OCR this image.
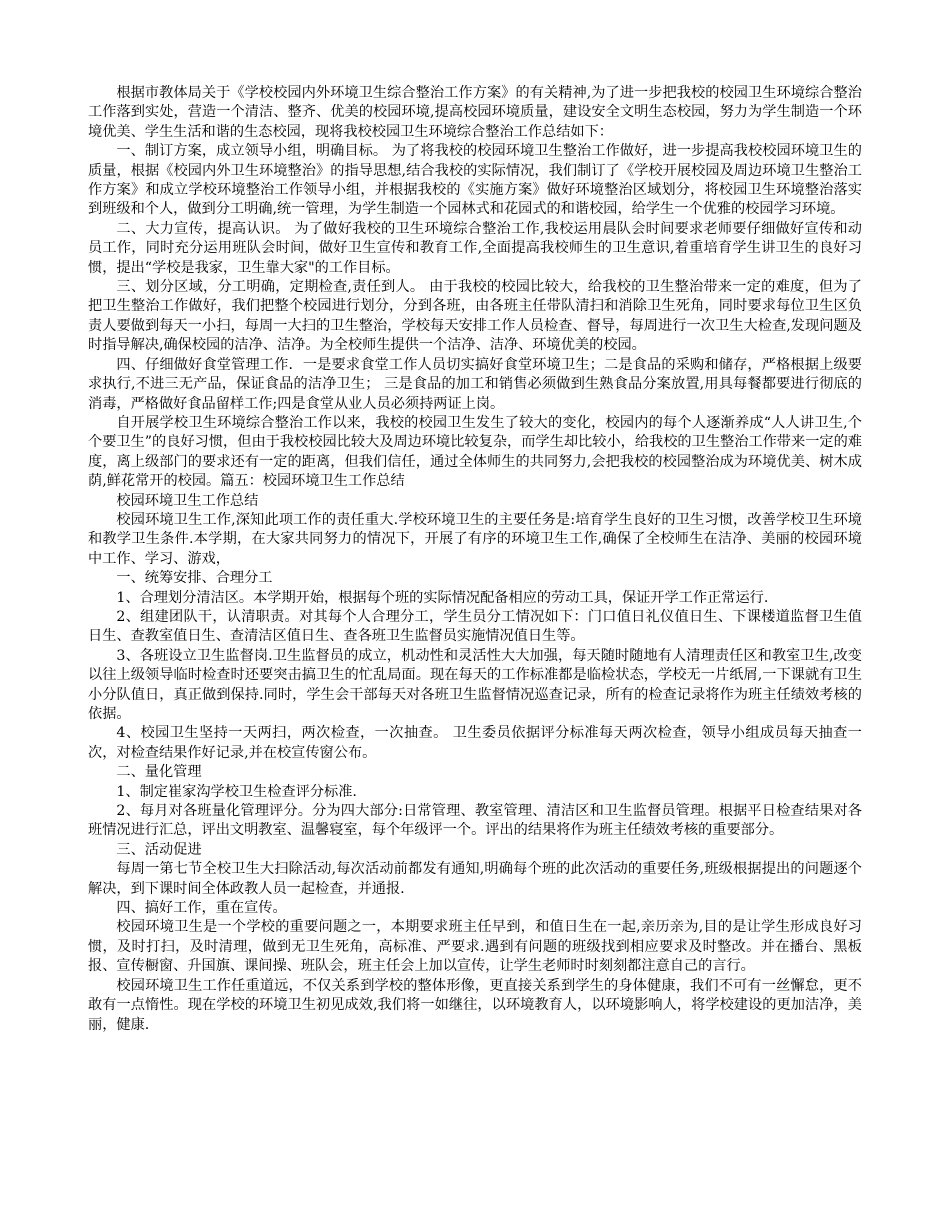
根据市教体局关于《学校校园内外环境卫生综合整治工作方案》的有关精神,为了进一步把我校的校园卫生环境综合整治工作落到实处，营造一个清洁、整齐、优美的校园环境,提高校园环境质量，建设安全文明生态校园，努力为学生制造一个环境优美、学生生活和谐的生态校园，现将我校校园卫生环境综合整治工作总结如下：

一、制订方案，成立领导小组，明确目标。 为了将我校的校园环境卫生整治工作做好，进一步提高我校校园环境卫生的质量，根据《校园内外卫生环境整治》的指导思想,结合我校的实际情况，我们制订了《学校开展校园及周边环境卫生整治工作方案》和成立学校环境整治工作领导小组，并根据我校的《实施方案》做好环境整治区域划分，将校园卫生环境整治落实到班级和个人，做到分工明确,统一管理，为学生制造一个园林式和花园式的和谐校园，给学生一个优雅的校园学习环境。

二、大力宣传，提高认识。 为了做好我校的卫生环境综合整治工作,我校运用晨队会时间要求老师要仔细做好宣传和动员工作，同时充分运用班队会时间，做好卫生宣传和教育工作,全面提高我校师生的卫生意识,着重培育学生讲卫生的良好习惯，提出“学校是我家，卫生靠大家"的工作目标。

三、划分区域，分工明确，定期检查,责任到人。 由于我校的校园比较大，给我校的卫生整治带来一定的难度，但为了把卫生整治工作做好，我们把整个校园进行划分，分到各班，由各班主任带队清扫和消除卫生死角，同时要求每位卫生区负责人要做到每天一小扫，每周一大扫的卫生整治，学校每天安排工作人员检查、督导，每周进行一次卫生大检查,发现问题及时指导解决,确保校园的洁净、洁净。为全校师生提供一个洁净、洁净、环境优美的校园。

四、仔细做好食堂管理工作．一是要求食堂工作人员切实搞好食堂环境卫生；二是食品的采购和储存，严格根据上级要求执行,不进三无产品，保证食品的洁净卫生； 三是食品的加工和销售必须做到生熟食品分案放置,用具每餐都要进行彻底的消毒，严格做好食品留样工作;四是食堂从业人员必须持两证上岗。

自开展学校卫生环境综合整治工作以来，我校的校园卫生发生了较大的变化，校园内的每个人逐渐养成“人人讲卫生,个个要卫生”的良好习惯，但由于我校校园比较大及周边环境比较复杂，而学生却比较小，给我校的卫生整治工作带来一定的难度，离上级部门的要求还有一定的距离，但我们信任，通过全体师生的共同努力,会把我校的校园整治成为环境优美、树木成荫,鲜花常开的校园。篇五：校园环境卫生工作总结

校园环境卫生工作总结

校园环境卫生工作,深知此项工作的责任重大.学校环境卫生的主要任务是:培育学生良好的卫生习惯，改善学校卫生环境和教学卫生条件.本学期，在大家共同努力的情况下，开展了有序的环境卫生工作,确保了全校师生在洁净、美丽的校园环境中工作、学习、游戏，

一、统筹安排、合理分工

1、合理划分清洁区。本学期开始，根据每个班的实际情况配备相应的劳动工具，保证开学工作正常运行.

2、组建团队干，认清职责。对其每个人合理分工，学生员分工情况如下：门口值日礼仪值日生、下课楼道监督卫生值日生、查教室值日生、查清洁区值日生、查各班卫生监督员实施情况值日生等。

3、各班设立卫生监督岗.卫生监督员的成立，机动性和灵活性大大加强，每天随时随地有人清理责任区和教室卫生,改变以往上级领导临时检查时还要突击搞卫生的忙乱局面。现在每天的工作标准都是临检状态，学校无一片纸屑,一下课就有卫生小分队值日，真正做到保持.同时，学生会干部每天对各班卫生监督情况巡查记录，所有的检查记录将作为班主任绩效考核的依据。

4、校园卫生坚持一天两扫，两次检查，一次抽查。 卫生委员依据评分标准每天两次检查，领导小组成员每天抽查一次，对检查结果作好记录,并在校宣传窗公布。

二、量化管理

1、制定崔家沟学校卫生检查评分标准.

2、每月对各班量化管理评分。分为四大部分:日常管理、教室管理、清洁区和卫生监督员管理。根据平日检查结果对各班情况进行汇总，评出文明教室、温馨寝室，每个年级评一个。评出的结果将作为班主任绩效考核的重要部分。

三、活动促进

每周一第七节全校卫生大扫除活动,每次活动前都发有通知,明确每个班的此次活动的重要任务,班级根据提出的问题逐个解决，到下课时间全体政教人员一起检查，并通报.

四、搞好工作，重在宣传。

校园环境卫生是一个学校的重要问题之一，本期要求班主任早到，和值日生在一起,亲历亲为,目的是让学生形成良好习惯，及时打扫，及时清理，做到无卫生死角，高标准、严要求.遇到有问题的班级找到相应要求及时整改。并在播台、黑板报、宣传橱窗、升国旗、课间操、班队会，班主任会上加以宣传，让学生老师时时刻刻都注意自己的言行。

校园环境卫生工作任重道远，不仅关系到学校的整体形像，更直接关系到学生的身体健康，我们不可有一丝懈怠，更不敢有一点惰性。现在学校的环境卫生初见成效,我们将一如继往，以环境教育人，以环境影响人，将学校建设的更加洁净，美丽，健康.
